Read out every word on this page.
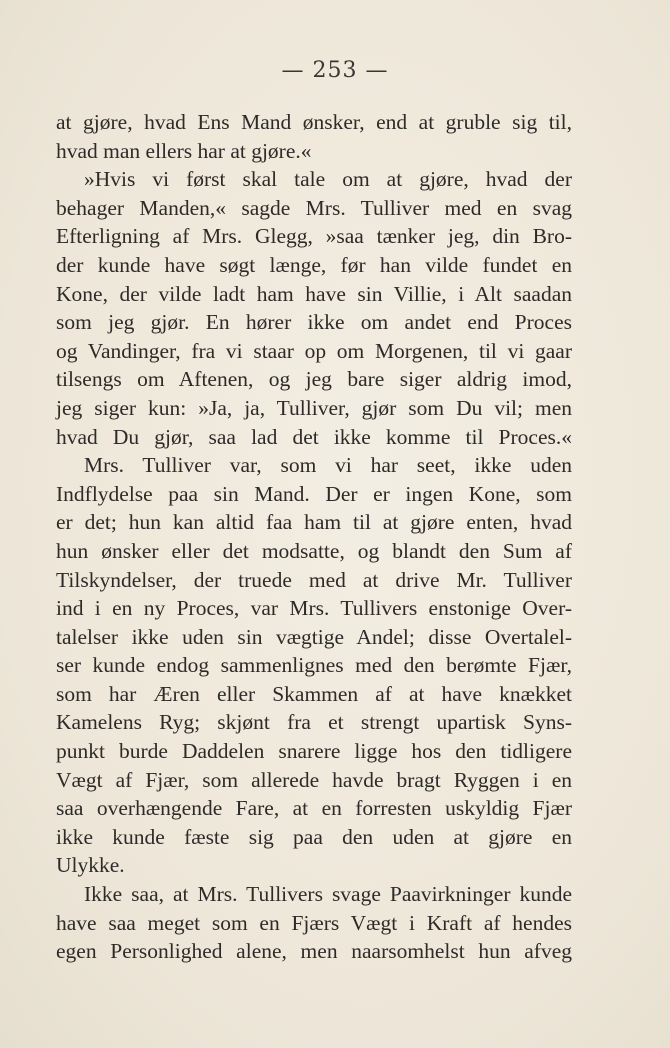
— 253 —
at gjøre, hvad Ens Mand ønsker, end at gruble sig til,
hvad man ellers har at gjøre.«
»Hvis vi først skal tale om at gjøre, hvad der
behager Manden,« sagde Mrs. Tulliver med en svag
Efterligning af Mrs. Glegg, »saa tænker jeg, din Bro-
der kunde have søgt længe, før han vilde fundet en
Kone, der vilde ladt ham have sin Villie, i Alt saadan
som jeg gjør. En hører ikke om andet end Proces
og Vandinger, fra vi staar op om Morgenen, til vi gaar
tilsengs om Aftenen, og jeg bare siger aldrig imod,
jeg siger kun: »Ja, ja, Tulliver, gjør som Du vil; men
hvad Du gjør, saa lad det ikke komme til Proces.«
Mrs. Tulliver var, som vi har seet, ikke uden
Indflydelse paa sin Mand. Der er ingen Kone, som
er det; hun kan altid faa ham til at gjøre enten, hvad
hun ønsker eller det modsatte, og blandt den Sum af
Tilskyndelser, der truede med at drive Mr. Tulliver
ind i en ny Proces, var Mrs. Tullivers enstonige Over-
talelser ikke uden sin vægtige Andel; disse Overtalel-
ser kunde endog sammenlignes med den berømte Fjær,
som har Æren eller Skammen af at have knækket
Kamelens Ryg; skjønt fra et strengt upartisk Syns-
punkt burde Daddelen snarere ligge hos den tidligere
Vægt af Fjær, som allerede havde bragt Ryggen i en
saa overhængende Fare, at en forresten uskyldig Fjær
ikke kunde fæste sig paa den uden at gjøre en
Ulykke.
Ikke saa, at Mrs. Tullivers svage Paavirkninger kunde
have saa meget som en Fjærs Vægt i Kraft af hendes
egen Personlighed alene, men naarsomhelst hun afveg
